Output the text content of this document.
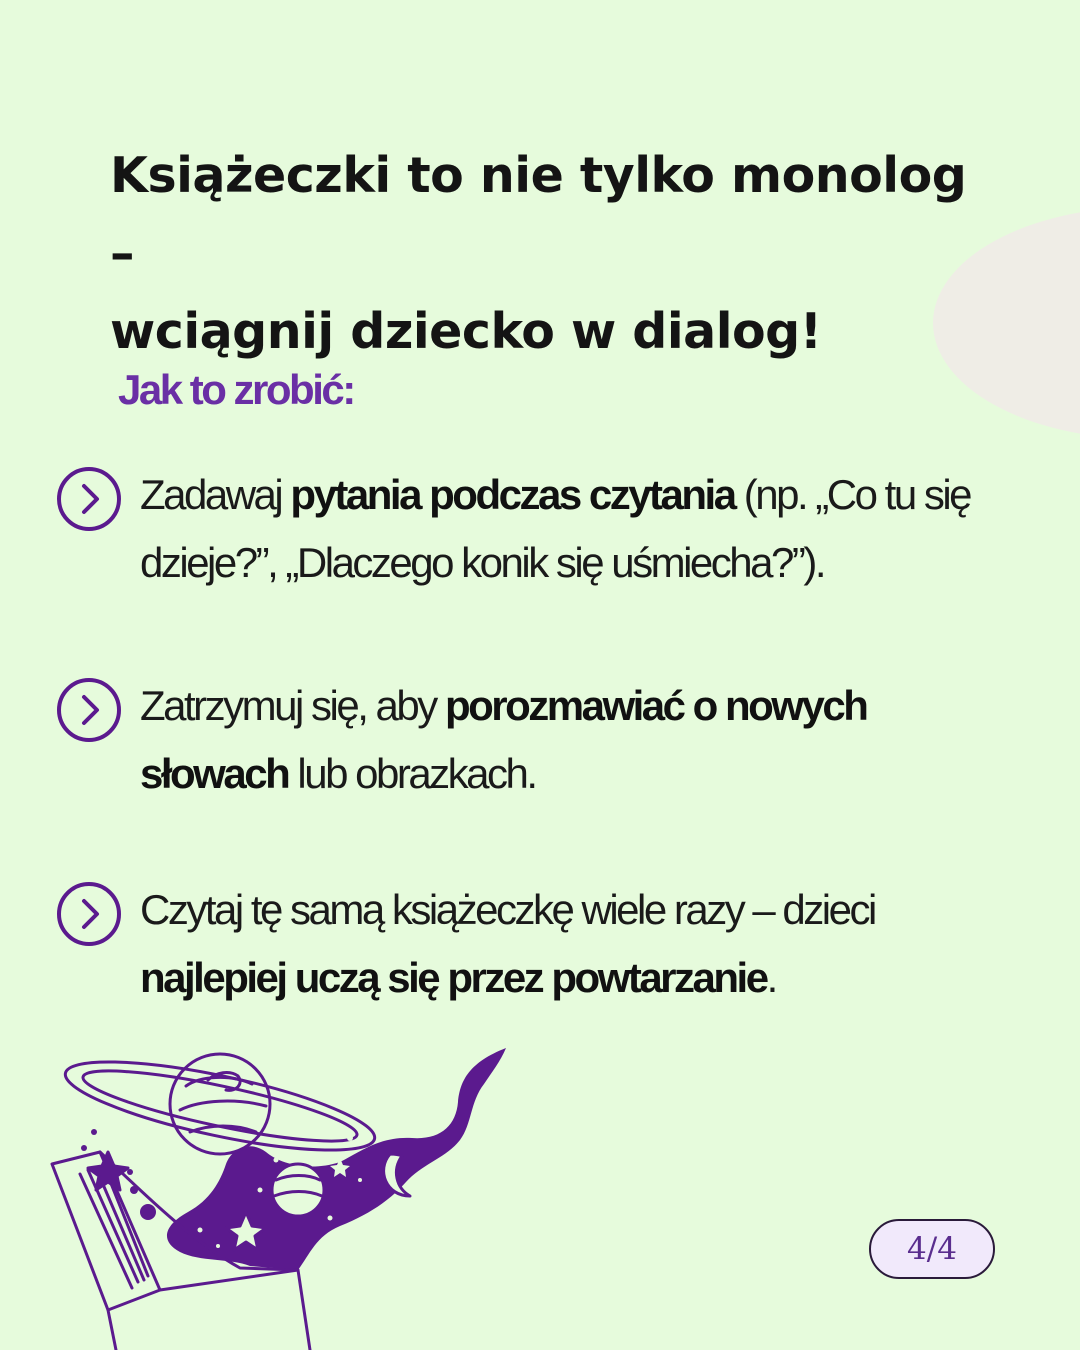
Książeczki to nie tylko monolog –
wciągnij dziecko w dialog!
Jak to zrobić:
Zadawaj pytania podczas czytania (np. „Co tu się dzieje?”, „Dlaczego konik się uśmiecha?”).
Zatrzymuj się, aby porozmawiać o nowych słowach lub obrazkach.
Czytaj tę samą książeczkę wiele razy – dzieci najlepiej uczą się przez powtarzanie.
4/4
